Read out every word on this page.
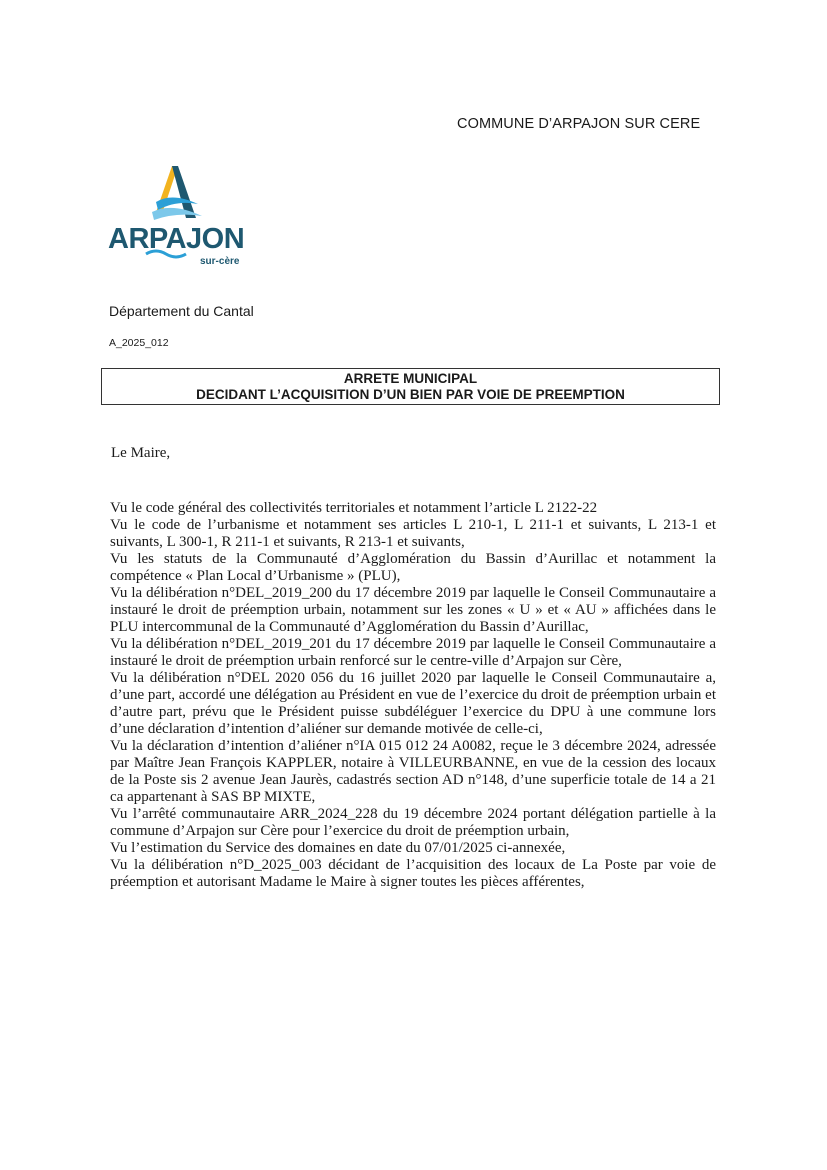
COMMUNE D’ARPAJON SUR CERE
ARPAJON
sur-cère
Département du Cantal
A_2025_012
ARRETE MUNICIPAL
DECIDANT L’ACQUISITION D’UN BIEN PAR VOIE DE PREEMPTION
Le Maire,

Vu le code général des collectivités territoriales et notamment l’article L 2122-22

Vu le code de l’urbanisme et notamment ses articles L 210-1, L 211-1 et suivants, L 213-1 et suivants, L 300-1, R 211-1 et suivants, R 213-1 et suivants,

Vu les statuts de la Communauté d’Agglomération du Bassin d’Aurillac et notamment la compétence « Plan Local d’Urbanisme » (PLU),

Vu la délibération n°DEL_2019_200 du 17 décembre 2019 par laquelle le Conseil Communautaire a instauré le droit de préemption urbain, notamment sur les zones « U » et « AU » affichées dans le PLU intercommunal de la Communauté d’Agglomération du Bassin d’Aurillac,

Vu la délibération n°DEL_2019_201 du 17 décembre 2019 par laquelle le Conseil Communautaire a instauré le droit de préemption urbain renforcé sur le centre-ville d’Arpajon sur Cère,

Vu la délibération n°DEL 2020 056 du 16 juillet 2020 par laquelle le Conseil Communautaire a, d’une part, accordé une délégation au Président en vue de l’exercice du droit de préemption urbain et d’autre part, prévu que le Président puisse subdéléguer l’exercice du DPU à une commune lors d’une déclaration d’intention d’aliéner sur demande motivée de celle-ci,

Vu la déclaration d’intention d’aliéner n°IA 015 012 24 A0082, reçue le 3 décembre 2024, adressée par Maître Jean François KAPPLER, notaire à VILLEURBANNE, en vue de la cession des locaux de la Poste sis 2 avenue Jean Jaurès, cadastrés section AD n°148, d’une superficie totale de 14 a 21 ca appartenant à SAS BP MIXTE,

Vu l’arrêté communautaire ARR_2024_228 du 19 décembre 2024 portant délégation partielle à la commune d’Arpajon sur Cère pour l’exercice du droit de préemption urbain,

Vu l’estimation du Service des domaines en date du 07/01/2025 ci-annexée,

Vu la délibération n°D_2025_003 décidant de l’acquisition des locaux de La Poste par voie de préemption et autorisant Madame le Maire à signer toutes les pièces afférentes,
